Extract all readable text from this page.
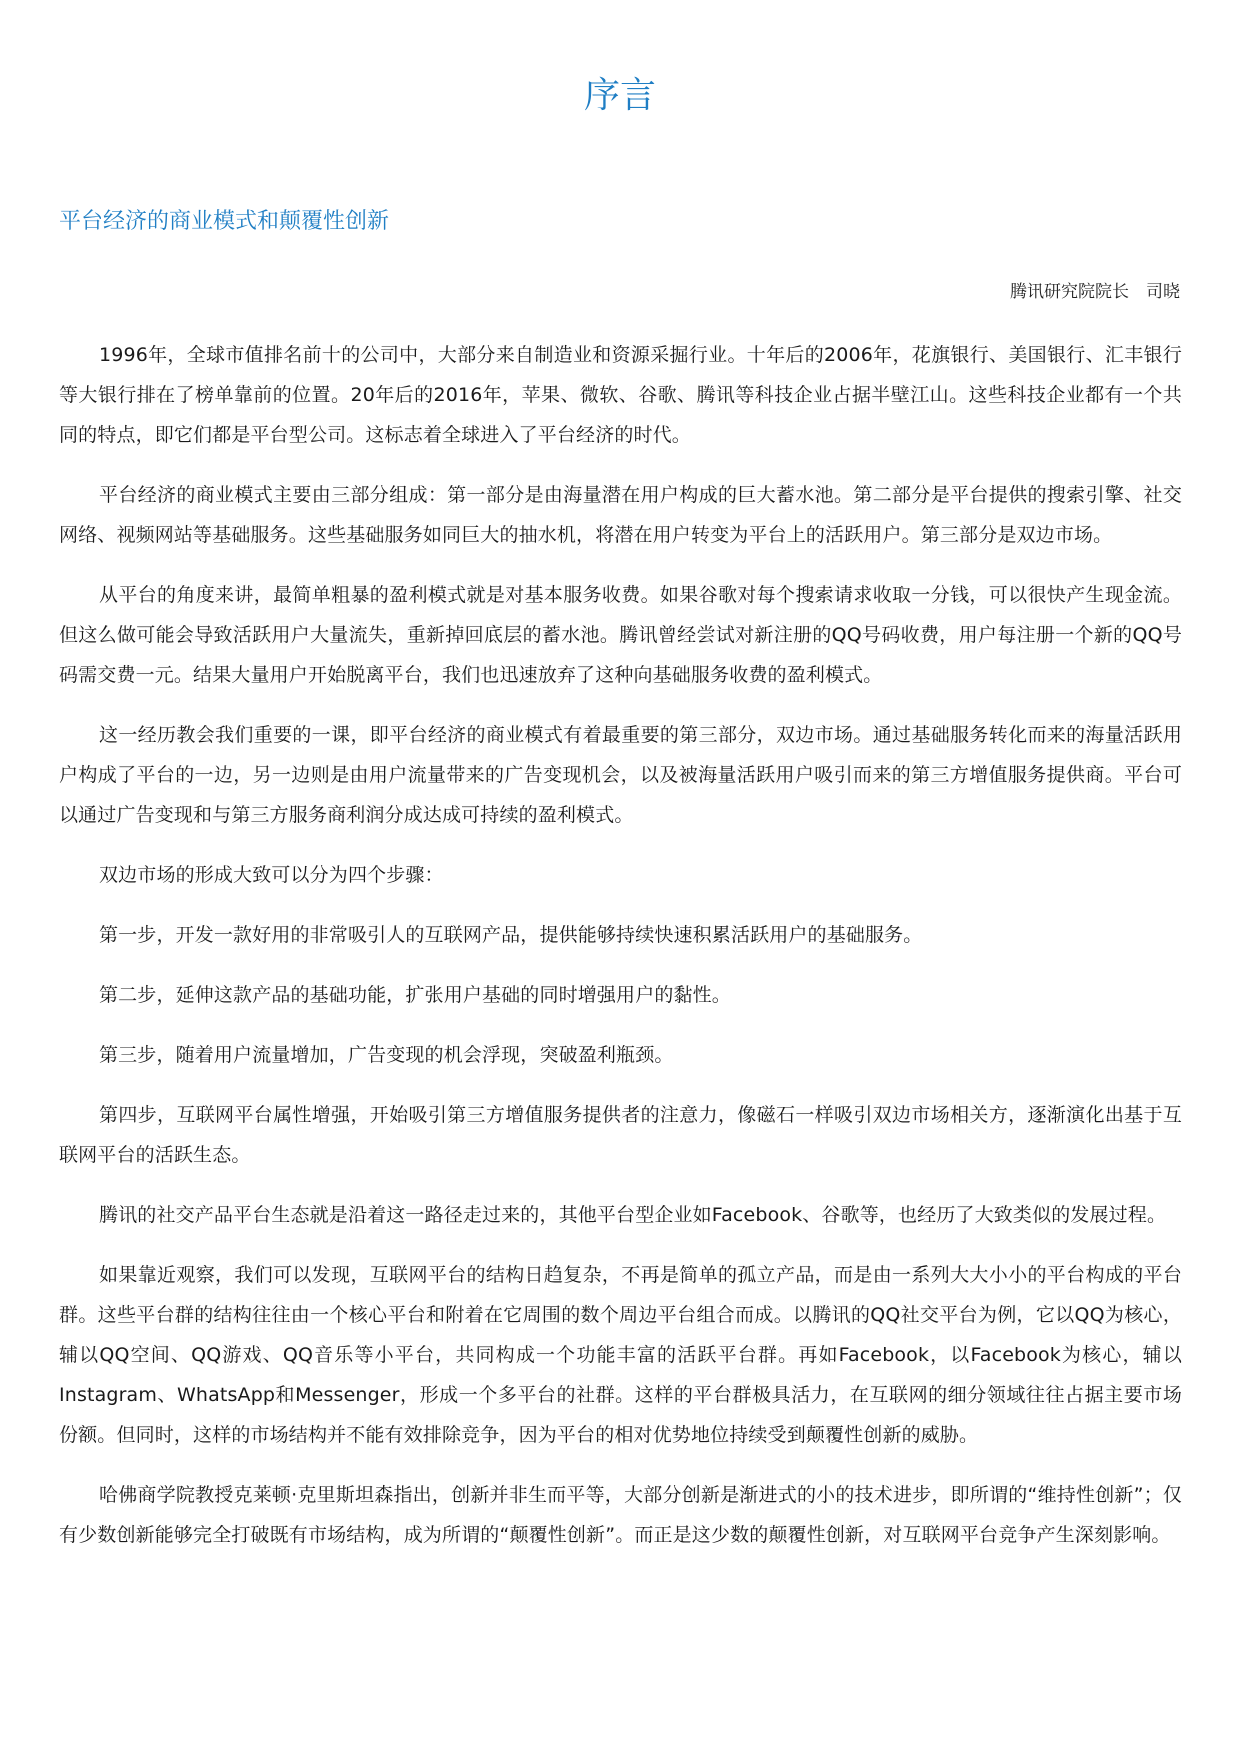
序言
平台经济的商业模式和颠覆性创新
腾讯研究院院长　司晓

1996年，全球市值排名前十的公司中，大部分来自制造业和资源采掘行业。十年后的2006年，花旗银行、美国银行、汇丰银行等大银行排在了榜单靠前的位置。20年后的2016年，苹果、微软、谷歌、腾讯等科技企业占据半壁江山。这些科技企业都有一个共同的特点，即它们都是平台型公司。这标志着全球进入了平台经济的时代。

平台经济的商业模式主要由三部分组成：第一部分是由海量潜在用户构成的巨大蓄水池。第二部分是平台提供的搜索引擎、社交网络、视频网站等基础服务。这些基础服务如同巨大的抽水机，将潜在用户转变为平台上的活跃用户。第三部分是双边市场。

从平台的角度来讲，最简单粗暴的盈利模式就是对基本服务收费。如果谷歌对每个搜索请求收取一分钱，可以很快产生现金流。但这么做可能会导致活跃用户大量流失，重新掉回底层的蓄水池。腾讯曾经尝试对新注册的QQ号码收费，用户每注册一个新的QQ号码需交费一元。结果大量用户开始脱离平台，我们也迅速放弃了这种向基础服务收费的盈利模式。

这一经历教会我们重要的一课，即平台经济的商业模式有着最重要的第三部分，双边市场。通过基础服务转化而来的海量活跃用户构成了平台的一边，另一边则是由用户流量带来的广告变现机会，以及被海量活跃用户吸引而来的第三方增值服务提供商。平台可以通过广告变现和与第三方服务商利润分成达成可持续的盈利模式。

双边市场的形成大致可以分为四个步骤：

第一步，开发一款好用的非常吸引人的互联网产品，提供能够持续快速积累活跃用户的基础服务。

第二步，延伸这款产品的基础功能，扩张用户基础的同时增强用户的黏性。

第三步，随着用户流量增加，广告变现的机会浮现，突破盈利瓶颈。

第四步，互联网平台属性增强，开始吸引第三方增值服务提供者的注意力，像磁石一样吸引双边市场相关方，逐渐演化出基于互联网平台的活跃生态。

腾讯的社交产品平台生态就是沿着这一路径走过来的，其他平台型企业如Facebook、谷歌等，也经历了大致类似的发展过程。

如果靠近观察，我们可以发现，互联网平台的结构日趋复杂，不再是简单的孤立产品，而是由一系列大大小小的平台构成的平台群。这些平台群的结构往往由一个核心平台和附着在它周围的数个周边平台组合而成。以腾讯的QQ社交平台为例，它以QQ为核心，辅以QQ空间、QQ游戏、QQ音乐等小平台，共同构成一个功能丰富的活跃平台群。再如Facebook，以Facebook为核心，辅以Instagram、WhatsApp和Messenger，形成一个多平台的社群。这样的平台群极具活力，在互联网的细分领域往往占据主要市场份额。但同时，这样的市场结构并不能有效排除竞争，因为平台的相对优势地位持续受到颠覆性创新的威胁。

哈佛商学院教授克莱顿·克里斯坦森指出，创新并非生而平等，大部分创新是渐进式的小的技术进步，即所谓的“维持性创新”；仅有少数创新能够完全打破既有市场结构，成为所谓的“颠覆性创新”。而正是这少数的颠覆性创新，对互联网平台竞争产生深刻影响。
